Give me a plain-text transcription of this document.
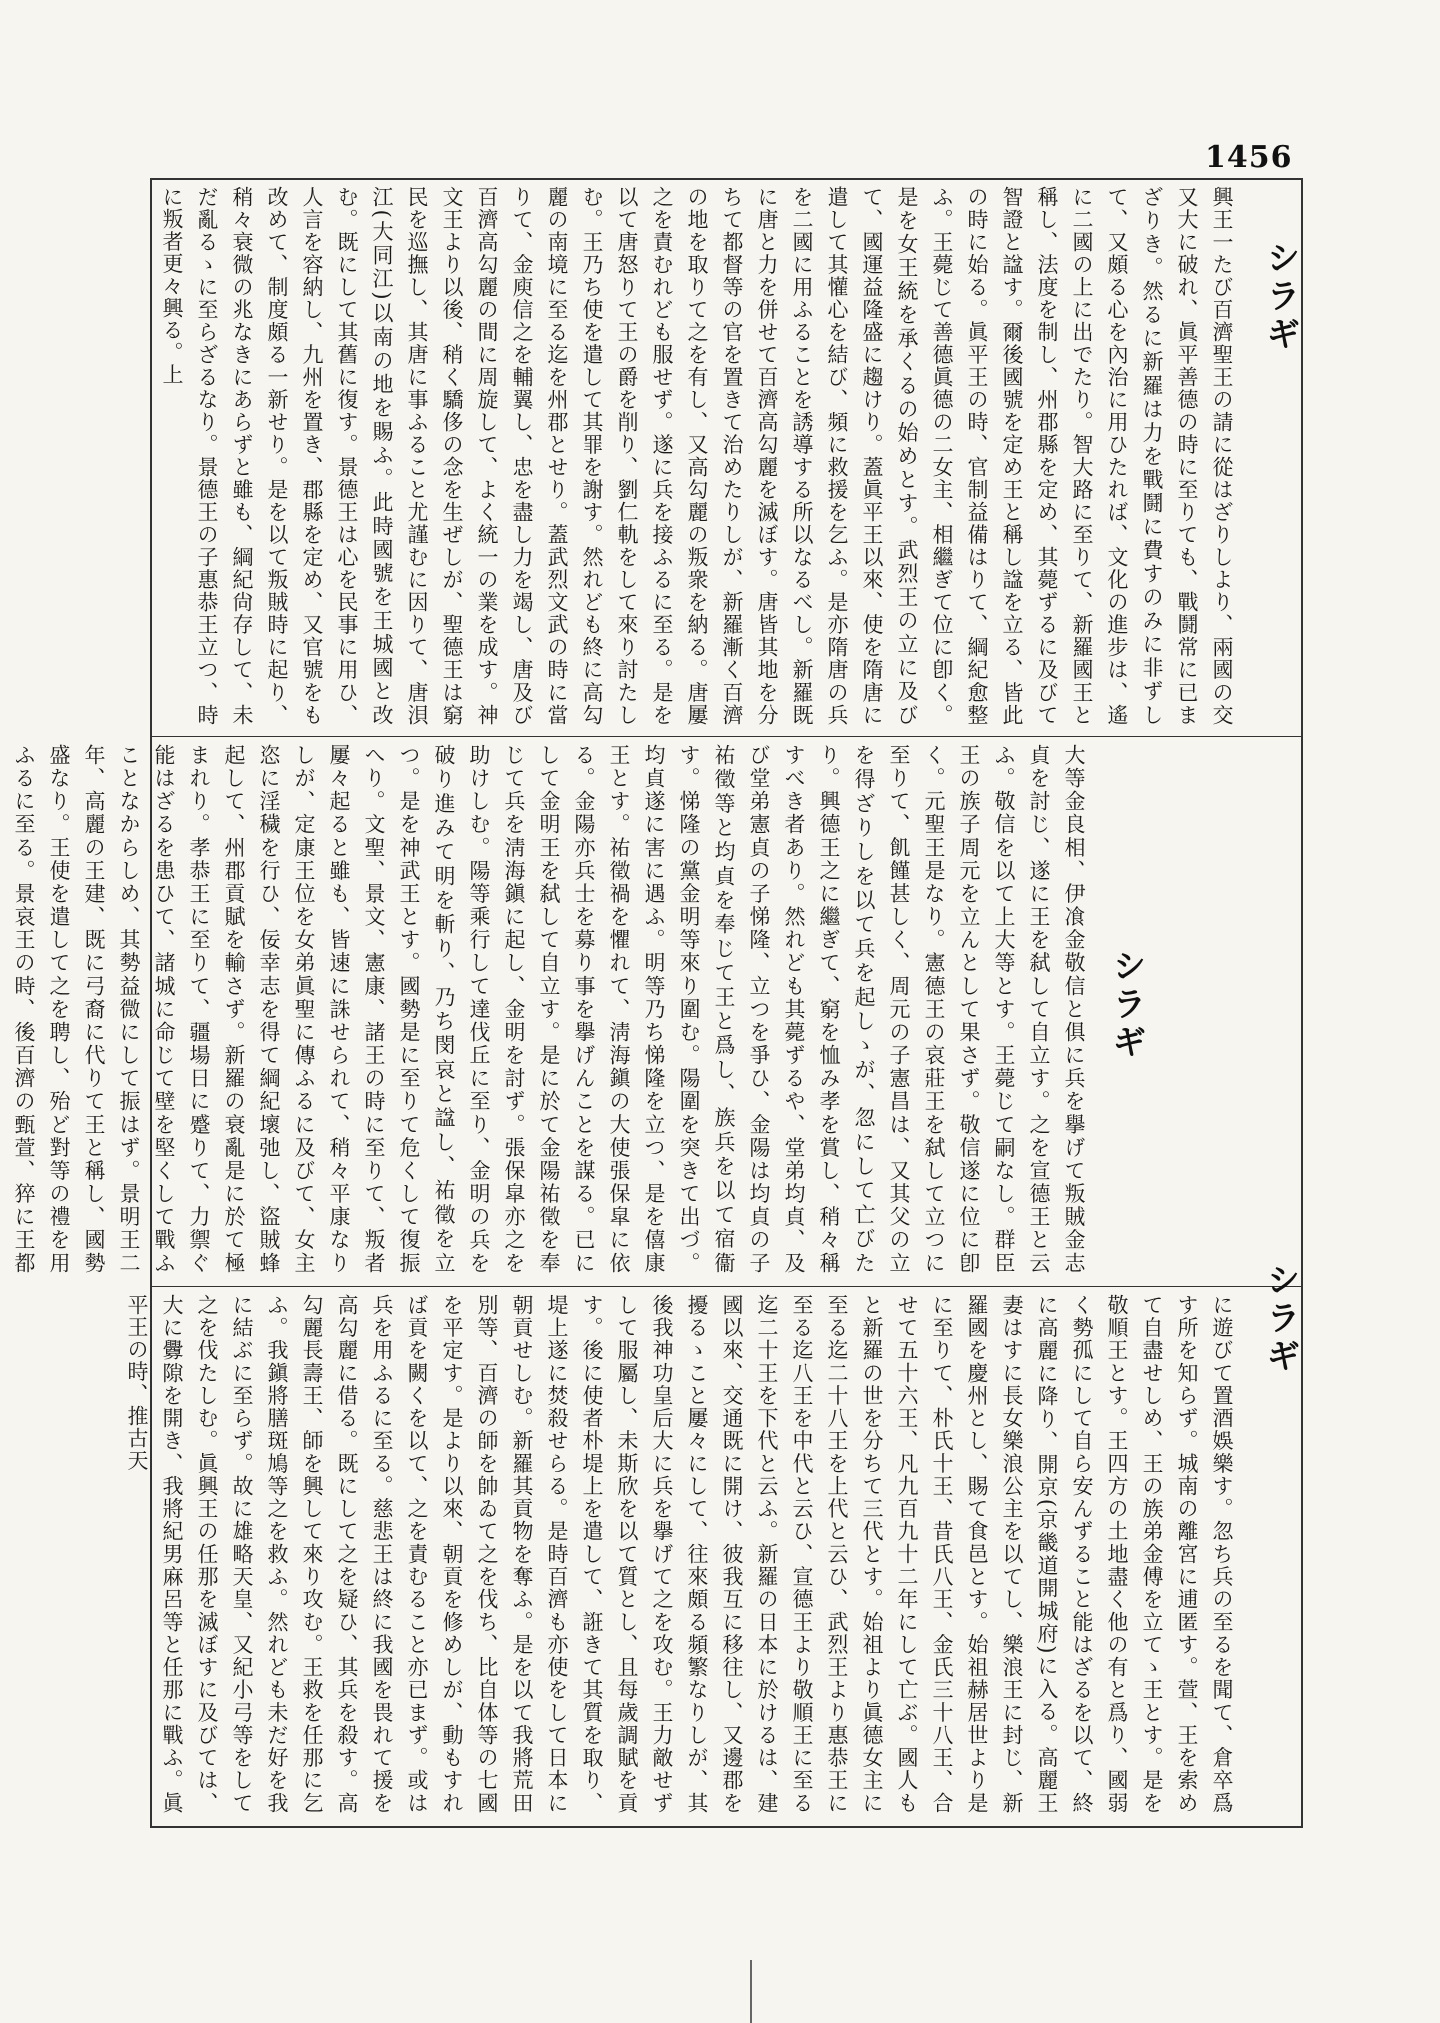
1456
シラギ
興王一たび百濟聖王の請に從はざりしより、兩國の交又大に破れ、眞平善德の時に至りても、戰鬪常に已まざりき。然るに新羅は力を戰鬪に費すのみに非ずして、又頗る心を內治に用ひたれば、文化の進步は、遙に二國の上に出でたり。智大路に至りて、新羅國王と稱し、法度を制し、州郡縣を定め、其薨ずるに及びて智證と諡す。爾後國號を定め王と稱し諡を立る、皆此の時に始る。眞平王の時、官制益備はりて、綱紀愈整ふ。王薨じて善德眞德の二女主、相繼ぎて位に卽く。是を女王統を承くるの始めとす。武烈王の立に及びて、國運益隆盛に趨けり。蓋眞平王以來、使を隋唐に遣して其懽心を結び、頻に救援を乞ふ。是亦隋唐の兵を二國に用ふることを誘導する所以なるべし。新羅既に唐と力を併せて百濟高勾麗を滅ぼす。唐皆其地を分ちて都督等の官を置きて治めたりしが、新羅漸く百濟の地を取りて之を有し、又高勾麗の叛衆を納る。唐屢之を責むれども服せず。遂に兵を接ふるに至る。是を以て唐怒りて王の爵を削り、劉仁軌をして來り討たしむ。王乃ち使を遣して其罪を謝す。然れども終に高勾麗の南境に至る迄を州郡とせり。蓋武烈文武の時に當りて、金庾信之を輔翼し、忠を盡し力を竭し、唐及び百濟高勾麗の間に周旋して、よく統一の業を成す。神文王より以後、稍く驕侈の念を生ぜしが、聖德王は窮民を巡撫し、其唐に事ふること尤謹むに因りて、唐浿江(大同江)以南の地を賜ふ。此時國號を王城國と改む。既にして其舊に復す。景德王は心を民事に用ひ、人言を容納し、九州を置き、郡縣を定め、又官號をも改めて、制度頗る一新せり。是を以て叛賊時に起り、稍々衰微の兆なきにあらずと雖も、綱紀尙存して、未だ亂るゝに至らざるなり。景德王の子惠恭王立つ、時に叛者更々興る。上
シラギ
大等金良相、伊飡金敬信と俱に兵を擧げて叛賊金志貞を討じ、遂に王を弑して自立す。之を宣德王と云ふ。敬信を以て上大等とす。王薨じて嗣なし。群臣王の族子周元を立んとして果さず。敬信遂に位に卽く。元聖王是なり。憲德王の哀莊王を弑して立つに至りて、飢饉甚しく、周元の子憲昌は、又其父の立を得ざりしを以て兵を起しゝが、忽にして亡びたり。興德王之に繼ぎて、窮を恤み孝を賞し、稍々稱すべき者あり。然れども其薨ずるや、堂弟均貞、及び堂弟憲貞の子悌隆、立つを爭ひ、金陽は均貞の子祐徵等と均貞を奉じて王と爲し、族兵を以て宿衞す。悌隆の黨金明等來り圍む。陽圍を突きて出づ。均貞遂に害に遇ふ。明等乃ち悌隆を立つ、是を僖康王とす。祐徵禍を懼れて、淸海鎭の大使張保皐に依る。金陽亦兵士を募り事を擧げんことを謀る。已にして金明王を弑して自立す。是に於て金陽祐徵を奉じて兵を淸海鎭に起し、金明を討ず。張保皐亦之を助けしむ。陽等乘行して達伐丘に至り、金明の兵を破り進みて明を斬り、乃ち閔哀と諡し、祐徵を立つ。是を神武王とす。國勢是に至りて危くして復振へり。文聖、景文、憲康、諸王の時に至りて、叛者屢々起ると雖も、皆速に誅せられて、稍々平康なりしが、定康王位を女弟眞聖に傳ふるに及びて、女主恣に淫穢を行ひ、佞幸志を得て綱紀壞弛し、盜賊蜂起して、州郡貢賦を輸さず。新羅の衰亂是に於て極まれり。孝恭王に至りて、疆場日に蹙りて、力禦ぐ能はざるを患ひて、諸城に命じて壁を堅くして戰ふことなからしめ、其勢益微にして振はず。景明王二年、高麗の王建、既に弓裔に代りて王と稱し、國勢盛なり。王使を遣して之を聘し、殆ど對等の禮を用ふるに至る。景哀王の時、後百濟の甄萱、猝に王都	シラギ
に遊びて置酒娛樂す。忽ち兵の至るを聞て、倉卒爲す所を知らず。城南の離宮に逋匿す。萱、王を索めて自盡せしめ、王の族弟金傅を立てゝ王とす。是を敬順王とす。王四方の土地盡く他の有と爲り、國弱く勢孤にして自ら安んずること能はざるを以て、終に高麗に降り、開京(京畿道開城府)に入る。高麗王妻はすに長女樂浪公主を以てし、樂浪王に封じ、新羅國を慶州とし、賜て食邑とす。始祖赫居世より是に至りて、朴氏十王、昔氏八王、金氏三十八王、合せて五十六王、凡九百九十二年にして亡ぶ。國人もと新羅の世を分ちて三代とす。始祖より眞德女主に至る迄二十八王を上代と云ひ、武烈王より惠恭王に至る迄八王を中代と云ひ、宣德王より敬順王に至る迄二十王を下代と云ふ。新羅の日本に於けるは、建國以來、交通既に開け、彼我互に移往し、又邊郡を擾るゝこと屢々にして、往來頗る頻繁なりしが、其後我神功皇后大に兵を擧げて之を攻む。王力敵せずして服屬し、未斯欣を以て質とし、且每歲調賦を貢す。後に使者朴堤上を遣して、誑きて其質を取り、堤上遂に焚殺せらる。是時百濟も亦使をして日本に朝貢せしむ。新羅其貢物を奪ふ。是を以て我將荒田別等、百濟の師を帥ゐて之を伐ち、比自体等の七國を平定す。是より以來、朝貢を修めしが、動もすれば貢を闕くを以て、之を責むること亦已まず。或は兵を用ふるに至る。慈悲王は終に我國を畏れて援を高勾麗に借る。既にして之を疑ひ、其兵を殺す。高勾麗長壽王、師を興して來り攻む。王救を任那に乞ふ。我鎭將膳斑鳩等之を救ふ。然れども未だ好を我に結ぶに至らず。故に雄略天皇、又紀小弓等をして之を伐たしむ。眞興王の任那を滅ぼすに及びては、大に釁隙を開き、我將紀男麻呂等と任那に戰ふ。眞平王の時、推古天
